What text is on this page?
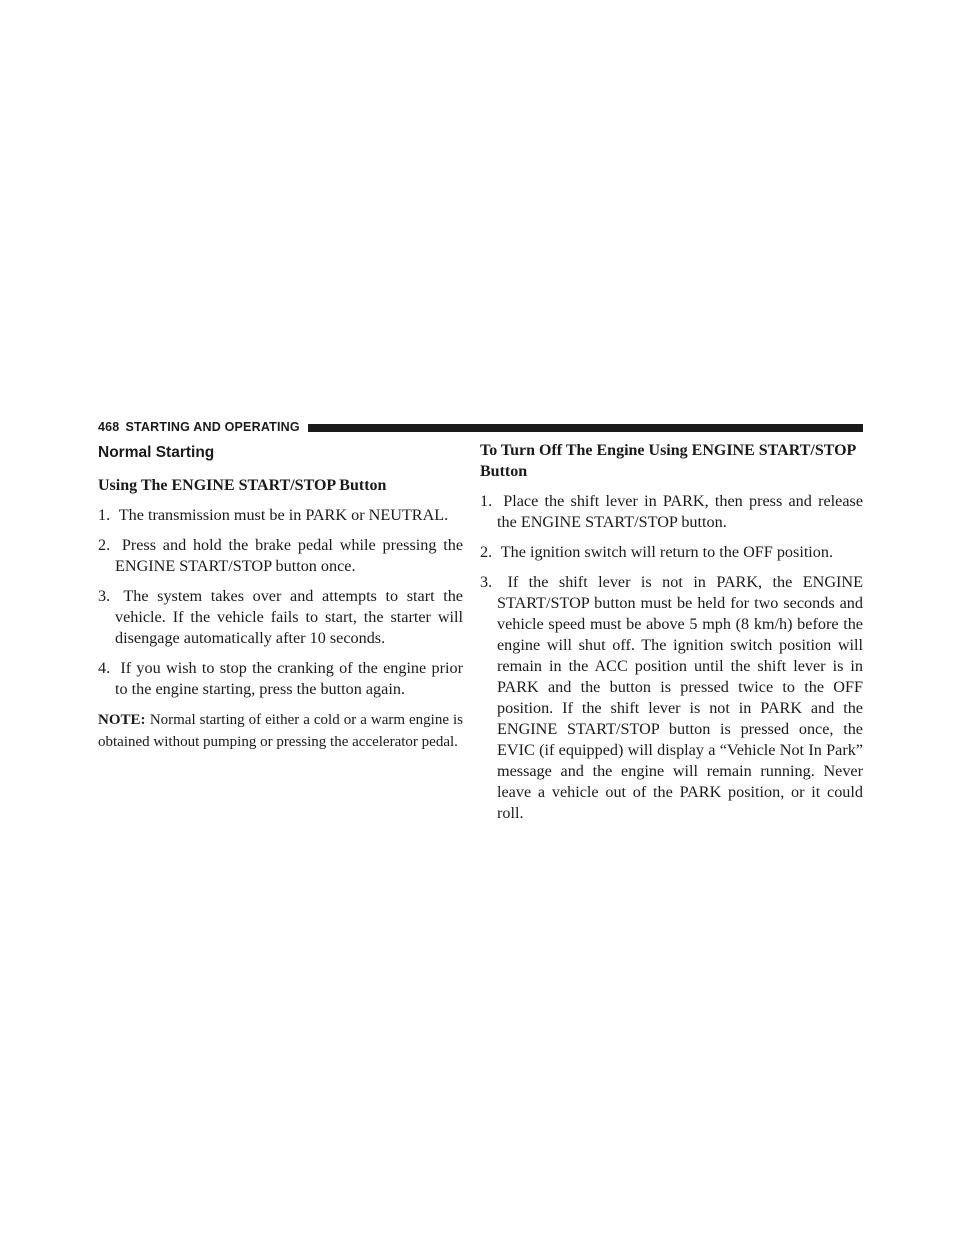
468 STARTING AND OPERATING
Normal Starting
Using The ENGINE START/STOP Button
1. The transmission must be in PARK or NEUTRAL.
2. Press and hold the brake pedal while pressing the ENGINE START/STOP button once.
3. The system takes over and attempts to start the vehicle. If the vehicle fails to start, the starter will disengage automatically after 10 seconds.
4. If you wish to stop the cranking of the engine prior to the engine starting, press the button again.
NOTE: Normal starting of either a cold or a warm engine is obtained without pumping or pressing the accelerator pedal.
To Turn Off The Engine Using ENGINE START/STOP Button
1. Place the shift lever in PARK, then press and release the ENGINE START/STOP button.
2. The ignition switch will return to the OFF position.
3. If the shift lever is not in PARK, the ENGINE START/STOP button must be held for two seconds and vehicle speed must be above 5 mph (8 km/h) before the engine will shut off. The ignition switch position will remain in the ACC position until the shift lever is in PARK and the button is pressed twice to the OFF position. If the shift lever is not in PARK and the ENGINE START/STOP button is pressed once, the EVIC (if equipped) will display a “Vehicle Not In Park” message and the engine will remain running. Never leave a vehicle out of the PARK position, or it could roll.
